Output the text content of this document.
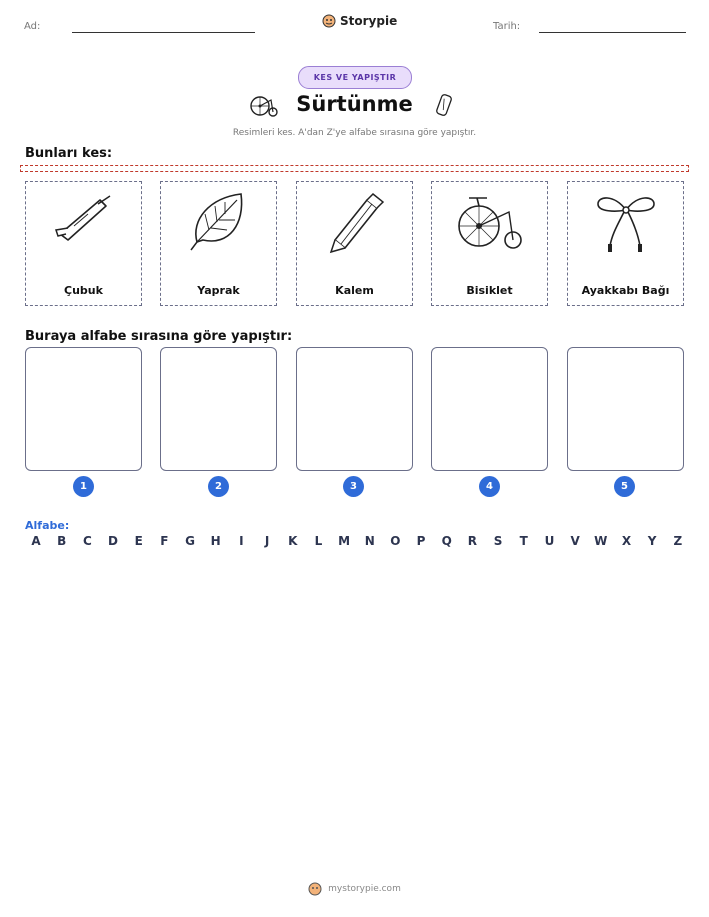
Ad:	Storypie	Tarih:
KES VE YAPIŞTIR
Sürtünme
Resimleri kes. A'dan Z'ye alfabe sırasına göre yapıştır.
Bunları kes:
Çubuk	Yaprak	Kalem	Bisiklet	Ayakkabı Bağı
Buraya alfabe sırasına göre yapıştır:
1	2	3	4	5
Alfabe:
A	B	C	D	E	F	G	H	I	J	K	L	M	N	O	P	Q	R	S	T	U	V	W	X	Y	Z
mystorypie.com
